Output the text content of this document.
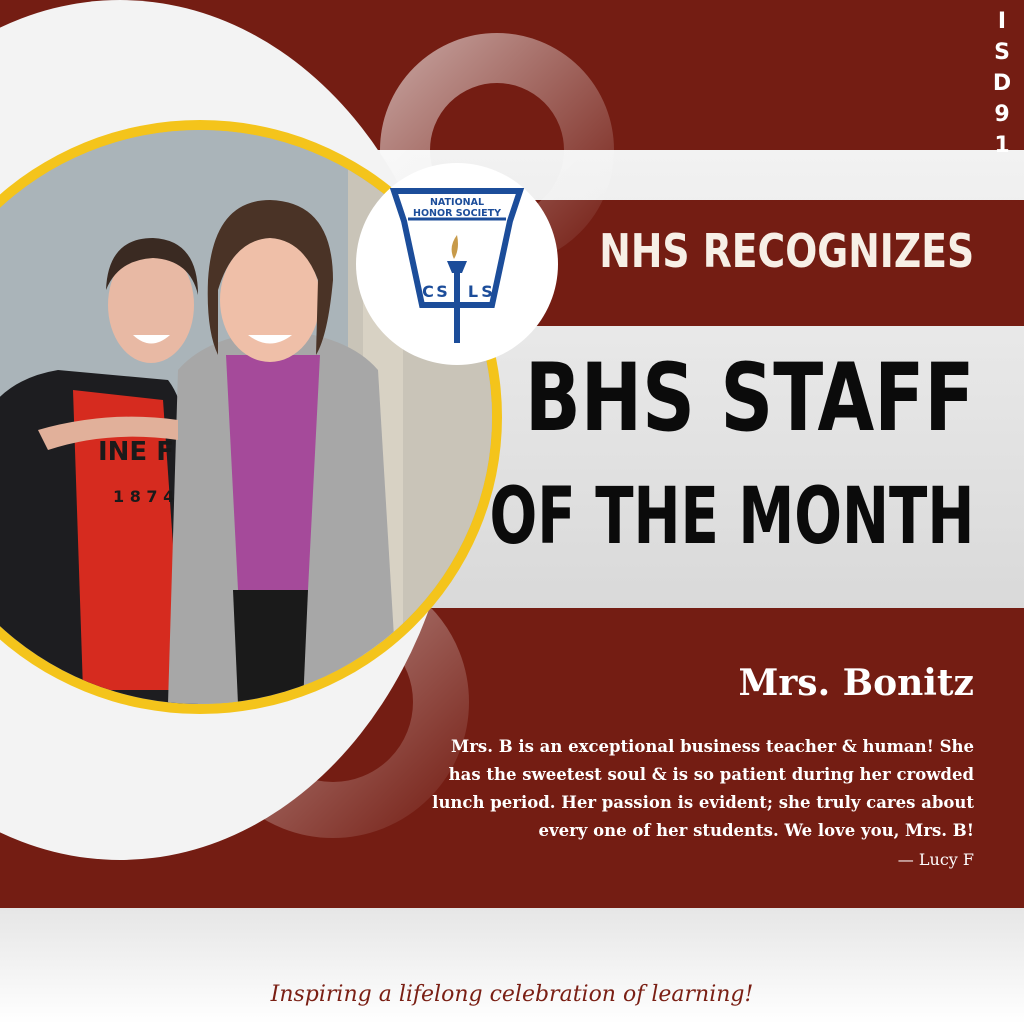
I
S
D
9
1
INE F
1 8 7 4
NATIONAL
HONOR SOCIETY
C S L S
NHS RECOGNIZES
BHS STAFF
OF THE MONTH
Mrs. Bonitz
Mrs. B is an exceptional business teacher & human! She
has the sweetest soul & is so patient during her crowded
lunch period. Her passion is evident; she truly cares about
every one of her students. We love you, Mrs. B!
— Lucy F
Inspiring a lifelong celebration of learning!
